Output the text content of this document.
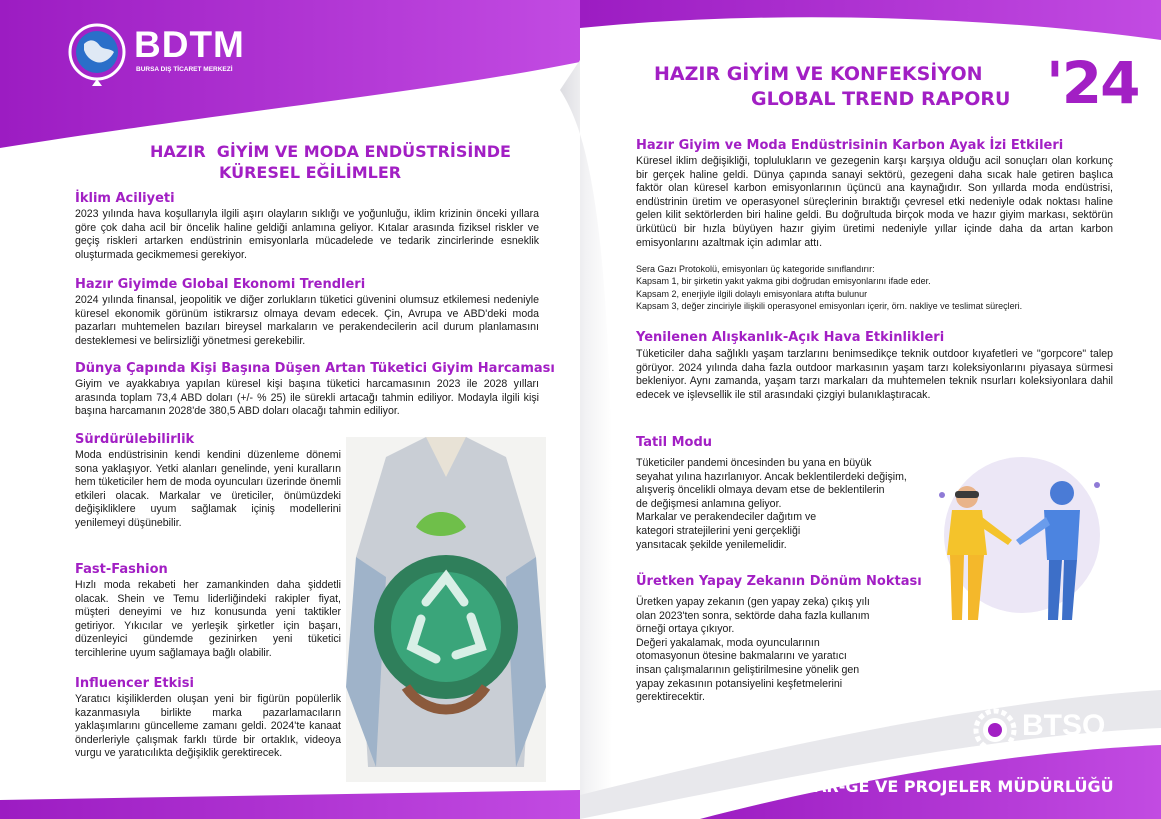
BDTM
BURSA DIŞ TİCARET MERKEZİ	HAZIR GİYİM VE KONFEKSİYON
GLOBAL TREND RAPORU '24
HAZIR  GİYİM VE MODA ENDÜSTRİSİNDE
KÜRESEL EĞİLİMLER
İklim Aciliyeti
2023 yılında hava koşullarıyla ilgili aşırı olayların sıklığı ve yoğunluğu, iklim krizinin önceki yıllara göre çok daha acil bir öncelik haline geldiği anlamına geliyor. Kıtalar arasında fiziksel riskler ve geçiş riskleri artarken endüstrinin emisyonlarla mücadelede ve tedarik zincirlerinde esneklik oluşturmada gecikmemesi gerekiyor.
Hazır Giyimde Global Ekonomi Trendleri
2024 yılında finansal, jeopolitik ve diğer zorlukların tüketici güvenini olumsuz etkilemesi nedeniyle küresel ekonomik görünüm istikrarsız olmaya devam edecek. Çin, Avrupa ve ABD'deki moda pazarları muhtemelen bazıları bireysel markaların ve perakendecilerin acil durum planlamasını desteklemesi ve belirsizliği yönetmesi gerekebilir.
Dünya Çapında Kişi Başına Düşen Artan Tüketici Giyim Harcaması
Giyim ve ayakkabıya yapılan küresel kişi başına tüketici harcamasının 2023 ile 2028 yılları arasında toplam 73,4 ABD doları (+/- % 25) ile sürekli artacağı tahmin ediliyor. Modayla ilgili kişi başına harcamanın 2028'de 380,5 ABD doları olacağı tahmin ediliyor.
Sürdürülebilirlik
Moda endüstrisinin kendi kendini düzenleme dönemi sona yaklaşıyor. Yetki alanları genelinde, yeni kuralların hem tüketiciler hem de moda oyuncuları üzerinde önemli etkileri olacak. Markalar ve üreticiler, önümüzdeki değişikliklere uyum sağlamak içiniş modellerini yenilemeyi düşünebilir.
Fast-Fashion
Hızlı moda rekabeti her zamankinden daha şiddetli olacak. Shein ve Temu liderliğindeki rakipler fiyat, müşteri deneyimi ve hız konusunda yeni taktikler getiriyor. Yıkıcılar ve yerleşik şirketler için başarı, düzenleyici gündemde gezinirken yeni tüketici tercihlerine uyum sağlamaya bağlı olabilir.
Influencer Etkisi
Yaratıcı kişiliklerden oluşan yeni bir figürün popülerlik kazanmasıyla birlikte marka pazarlamacıların yaklaşımlarını güncelleme zamanı geldi. 2024'te kanaat önderleriyle çalışmak farklı türde bir ortaklık, videoya vurgu ve yaratıcılıkta değişiklik gerektirecek.
Hazır Giyim ve Moda Endüstrisinin Karbon Ayak İzi Etkileri
Küresel iklim değişikliği, toplulukların ve gezegenin karşı karşıya olduğu acil sonuçları olan korkunç bir gerçek haline geldi. Dünya çapında sanayi sektörü, gezegeni daha sıcak hale getiren başlıca faktör olan küresel karbon emisyonlarının üçüncü ana kaynağıdır. Son yıllarda moda endüstrisi, endüstrinin üretim ve operasyonel süreçlerinin bıraktığı çevresel etki nedeniyle odak noktası haline gelen kilit sektörlerden biri haline geldi. Bu doğrultuda birçok moda ve hazır giyim markası, sektörün ürkütücü bir hızla büyüyen hazır giyim üretimi nedeniyle yıllar içinde daha da artan karbon emisyonlarını azaltmak için adımlar attı.
Sera Gazı Protokolü, emisyonları üç kategoride sınıflandırır:
Kapsam 1, bir şirketin yakıt yakma gibi doğrudan emisyonlarını ifade eder.
Kapsam 2, enerjiyle ilgili dolaylı emisyonlara atıfta bulunur
Kapsam 3, değer zinciriyle ilişkili operasyonel emisyonları içerir, örn. nakliye ve teslimat süreçleri.
Yenilenen Alışkanlık-Açık Hava Etkinlikleri
Tüketiciler daha sağlıklı yaşam tarzlarını benimsedikçe teknik outdoor kıyafetleri ve "gorpcore" talep görüyor. 2024 yılında daha fazla outdoor markasının yaşam tarzı koleksiyonlarını piyasaya sürmesi bekleniyor. Aynı zamanda, yaşam tarzı markaları da muhtemelen teknik nsurları koleksiyonlara dahil edecek ve işlevsellik ile stil arasındaki çizgiyi bulanıklaştıracak.
Tatil Modu

Tüketiciler pandemi öncesinden bu yana en büyük

seyahat yılına hazırlanıyor. Ancak beklentilerdeki değişim,

alışveriş öncelikli olmaya devam etse de beklentilerin

de değişmesi anlamına geliyor.

Markalar ve perakendeciler dağıtım ve

kategori stratejilerini yeni gerçekliği

yansıtacak şekilde yenilemelidir.

Üretken Yapay Zekanın Dönüm Noktası

Üretken yapay zekanın (gen yapay zeka) çıkış yılı

olan 2023'ten sonra, sektörde daha fazla kullanım

örneği ortaya çıkıyor.

Değeri yakalamak, moda oyuncularının

otomasyonun ötesine bakmalarını ve yaratıcı

insan çalışmalarının geliştirilmesine yönelik gen

yapay zekasının potansiyelini keşfetmelerini

gerektirecektir.

BTSO
BURSA TİCARET VE SANAYİ ODASI
AR-GE VE PROJELER MÜDÜRLÜĞÜ
